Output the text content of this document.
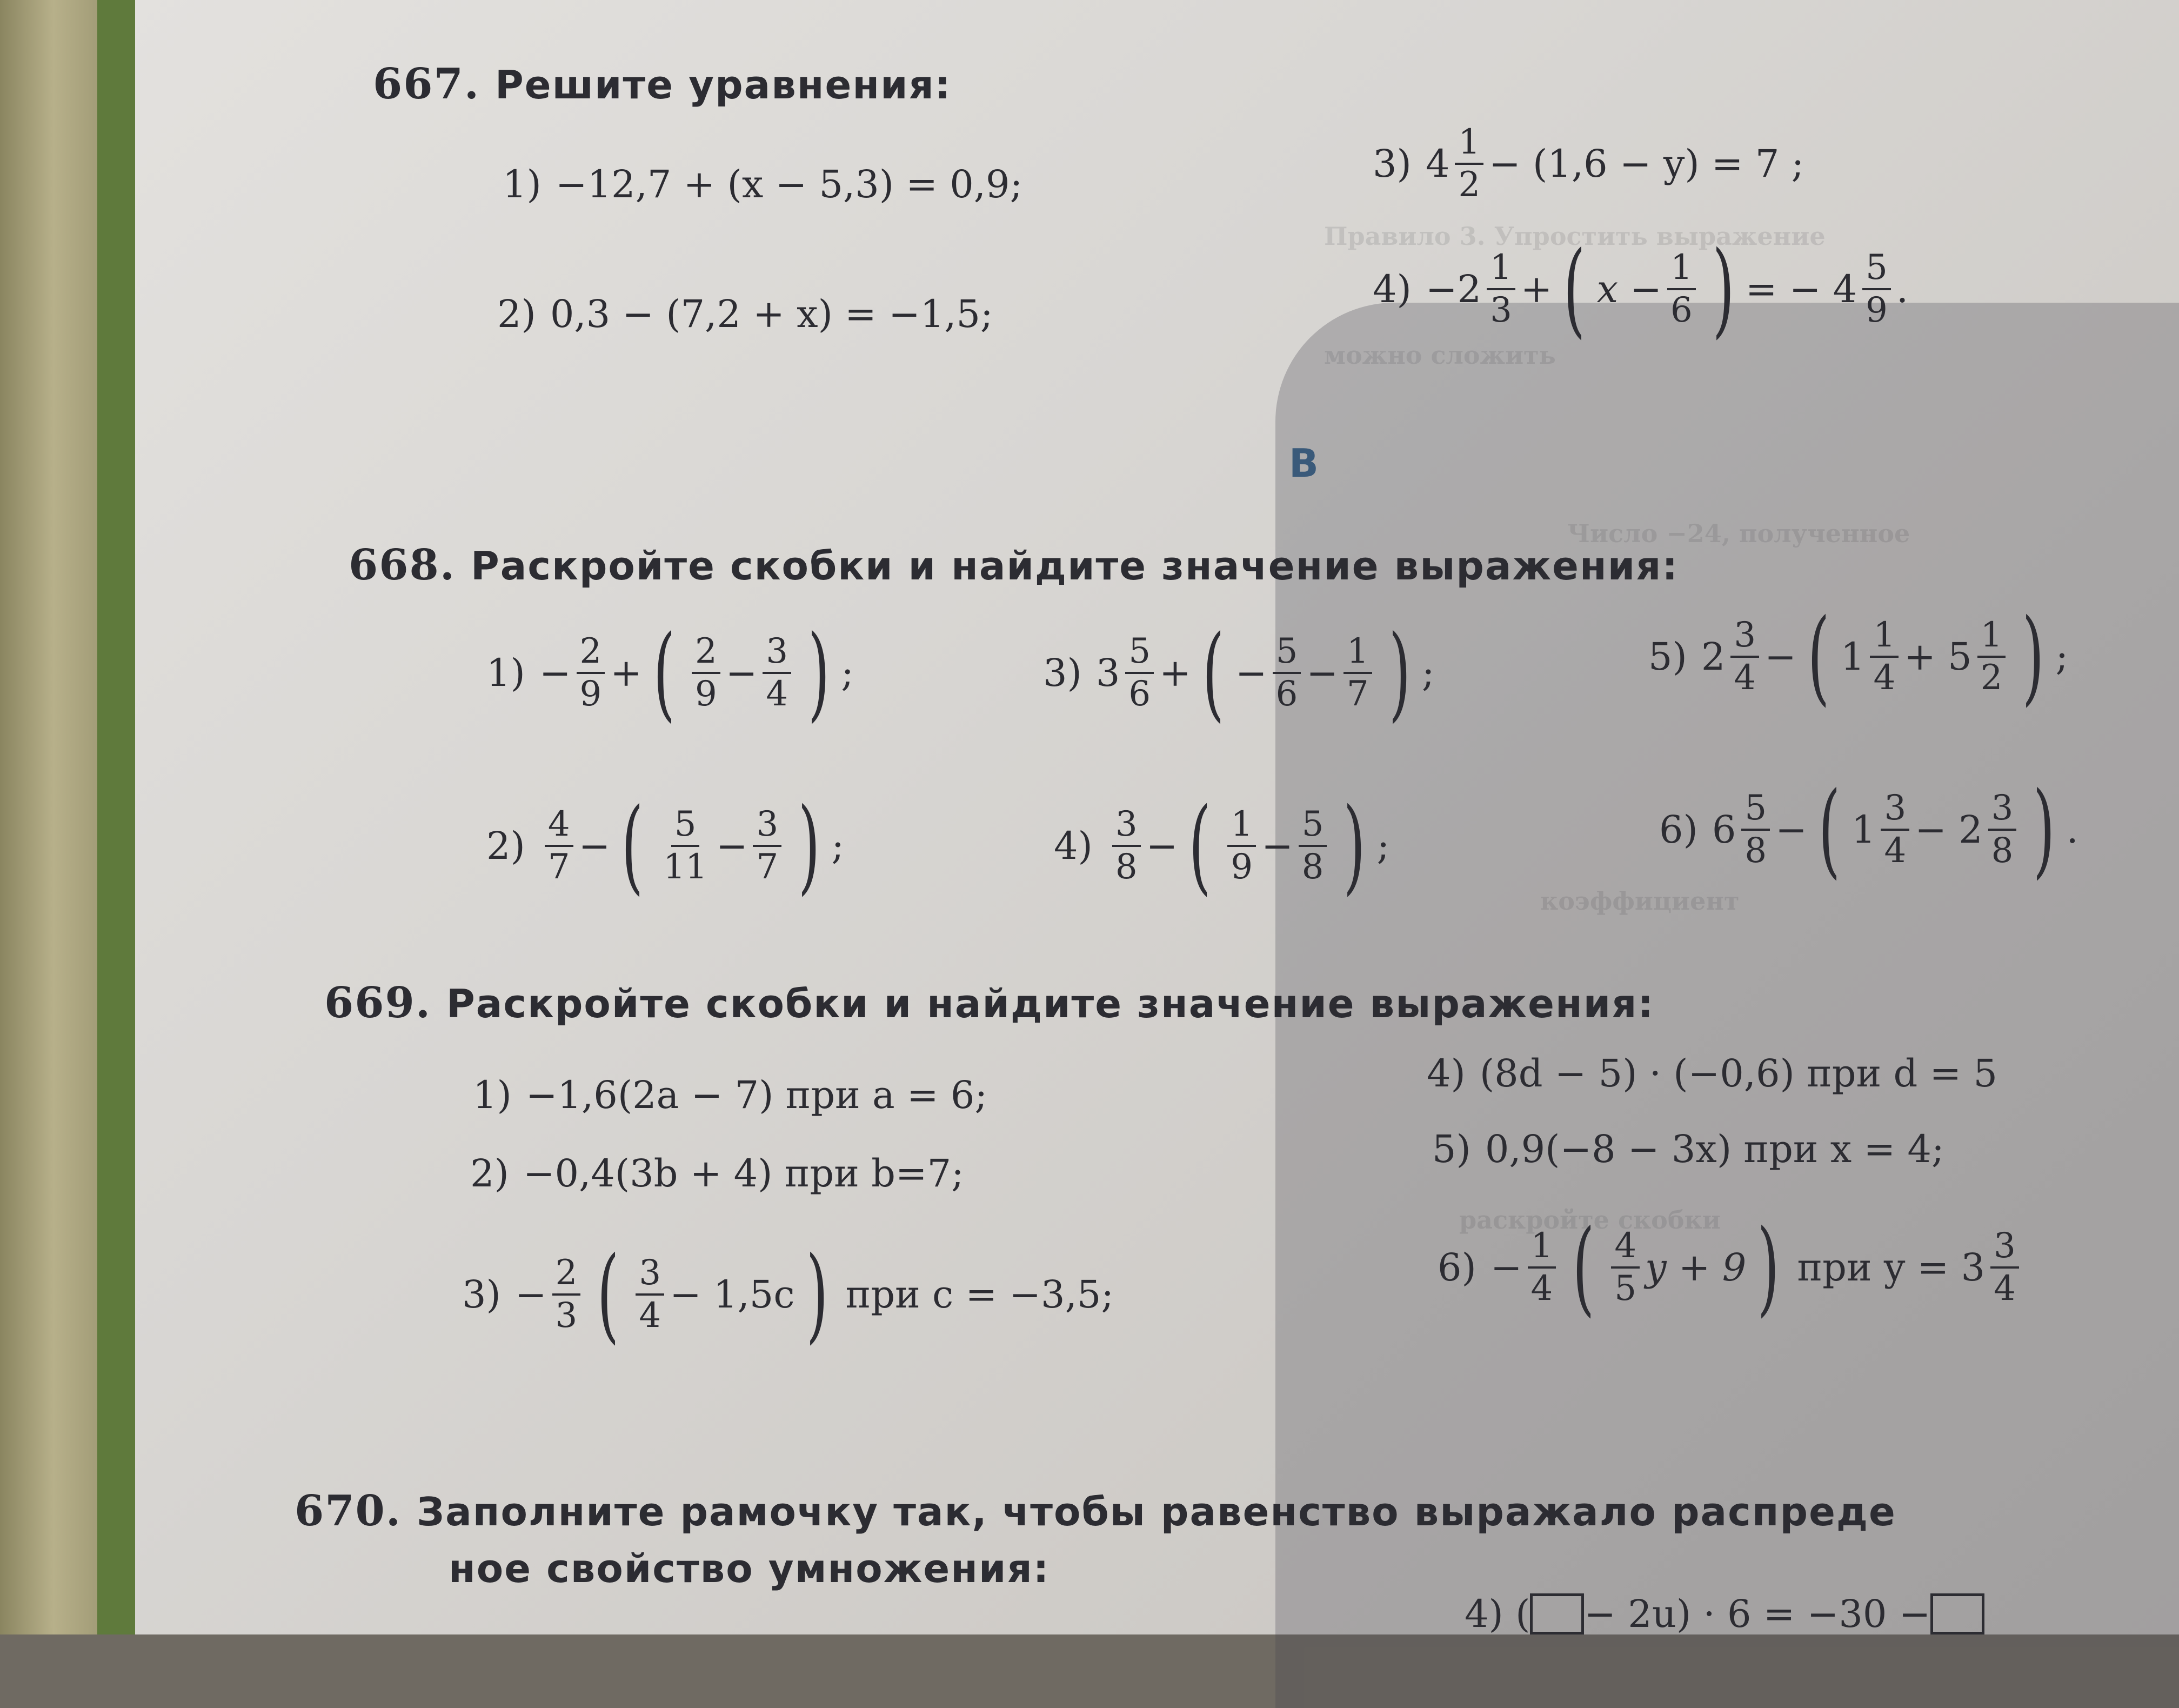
Правило 3. Упростить выражение
можно сложить
Число −24, полученное
коэффициент
раскройте скобки
667. Решите уравнения:
1) −12,7 + (x − 5,3) = 0,9;
2) 0,3 − (7,2 + x) = −1,5;
3) $4 \frac{1}{2} - (1,6 - y) = 7$ ;
$4) -2 \frac{1}{3}$ + ( $x - \frac{1}{6}$ ) = − $4 \frac{5}{9}$ .
В
668. Раскройте скобки и найдите значение выражения:
$1) - \frac{2}{9}$ + ( $\frac{2}{9} - \frac{3}{4}$ ) ;
$2) \frac{4}{7}$ − ( $\frac{5}{11} - \frac{3}{7}$ ) ;
3) $3 \frac{5}{6}$ + ( − $\frac{5}{6} - \frac{1}{7}$ ) ;
$4) \frac{3}{8}$ − ( $\frac{1}{9} - \frac{5}{8}$ ) ;
5) $2 \frac{3}{4}$ − ( $1 \frac{1}{4} + 5 \frac{1}{2}$ ) ;
6) $6 \frac{5}{8}$ − ( $1 \frac{3}{4} - 2 \frac{3}{8}$ ) .
669. Раскройте скобки и найдите значение выражения:
1) −1,6(2a − 7) при a = 6;
2) −0,4(3b + 4) при b=7;
$3) - \frac{2}{3}$ ( $\frac{3}{4} - 1,5c$ ) при c = −3,5;
4) (8d − 5) · (−0,6) при d = 5
5) 0,9(−8 − 3x) при x = 4;
$6) - \frac{1}{4}$ ( $\frac{4}{5}$ y + 9 ) при $y = 3 \frac{3}{4}$
670. Заполните рамочку так, чтобы равенство выражало распреде
ное свойство умножения:
4) ( − 2u) · 6 = −30 −
